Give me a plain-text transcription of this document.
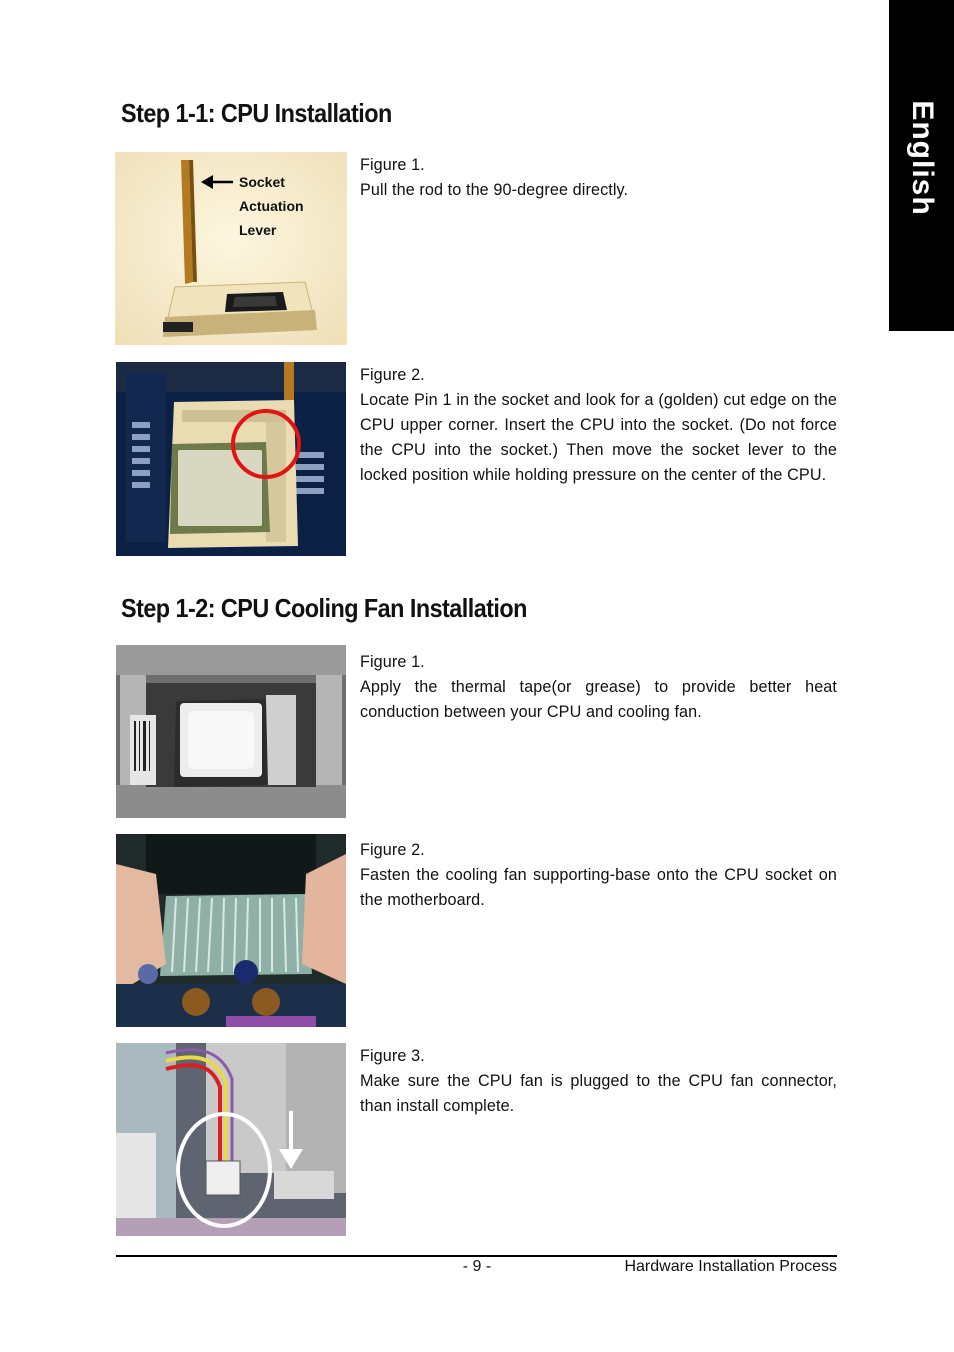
English
Step 1-1: CPU Installation
Socket
Actuation
Lever

Figure 1.

Pull the rod to the 90-degree directly.

Figure 2.

Locate Pin 1 in the socket and look for a (golden) cut edge on the CPU upper corner. Insert the CPU into the socket. (Do not force the CPU into the socket.) Then move the socket lever to the locked position while holding pressure on the center of the CPU.

Step 1-2: CPU Cooling Fan Installation

Figure 1.

Apply the thermal tape(or grease) to provide better heat conduction between your CPU and cooling fan.

Figure 2.

Fasten the cooling fan supporting-base onto the CPU socket on the motherboard.

Figure 3.

Make sure the CPU fan is plugged to the CPU fan connector, than install complete.

- 9 -	Hardware Installation Process
